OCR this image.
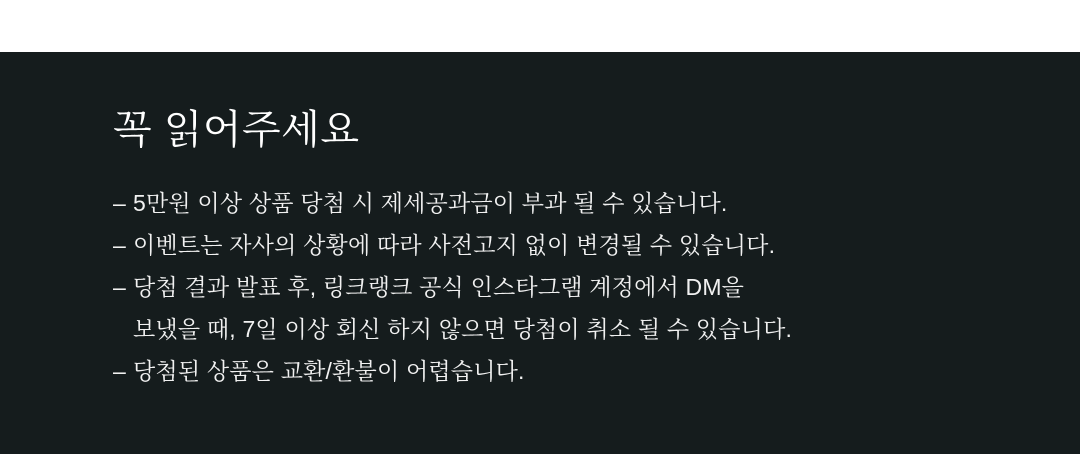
꼭 읽어주세요
– 5만원 이상 상품 당첨 시 제세공과금이 부과 될 수 있습니다.
– 이벤트는 자사의 상황에 따라 사전고지 없이 변경될 수 있습니다.
– 당첨 결과 발표 후, 링크랭크 공식 인스타그램 계정에서 DM을
보냈을 때, 7일 이상 회신 하지 않으면 당첨이 취소 될 수 있습니다.
– 당첨된 상품은 교환/환불이 어렵습니다.
